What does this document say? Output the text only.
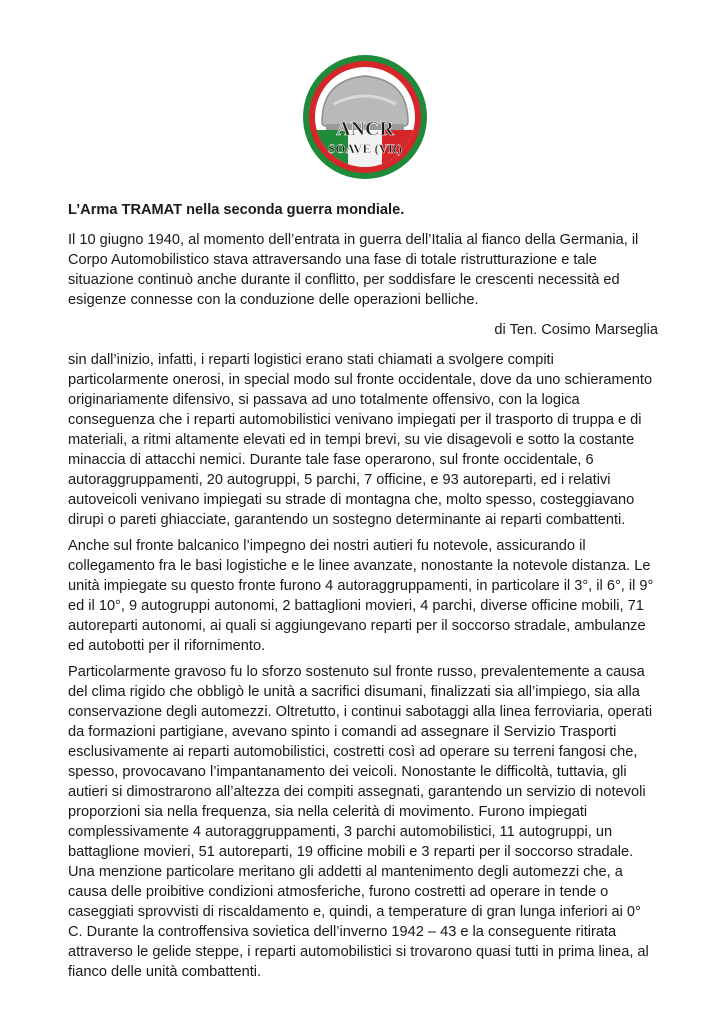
ANCR
SOAVE (VR)
L’Arma TRAMAT nella seconda guerra mondiale.

Il 10 giugno 1940, al momento dell’entrata in guerra dell’Italia al fianco della Germania, il Corpo Automobilistico stava attraversando una fase di totale ristrutturazione e tale situazione continuò anche durante il conflitto, per soddisfare le crescenti necessità ed esigenze connesse con la conduzione delle operazioni belliche.

di Ten. Cosimo Marseglia

sin dall’inizio, infatti, i reparti logistici erano stati chiamati a svolgere compiti particolarmente onerosi, in special modo sul fronte occidentale, dove da uno schieramento originariamente difensivo, si passava ad uno totalmente offensivo, con la logica conseguenza che i reparti automobilistici venivano impiegati per il trasporto di truppa e di materiali, a ritmi altamente elevati ed in tempi brevi, su vie disagevoli e sotto la costante minaccia di attacchi nemici. Durante tale fase operarono, sul fronte occidentale, 6 autoraggruppamenti, 20 autogruppi, 5 parchi, 7 officine, e 93 autoreparti, ed i relativi autoveicoli venivano impiegati su strade di montagna che, molto spesso, costeggiavano dirupi o pareti ghiacciate, garantendo un sostegno determinante ai reparti combattenti.

Anche sul fronte balcanico l’impegno dei nostri autieri fu notevole, assicurando il collegamento fra le basi logistiche e le linee avanzate, nonostante la notevole distanza. Le unità impiegate su questo fronte furono 4 autoraggruppamenti, in particolare il 3°, il 6°, il 9° ed il 10°, 9 autogruppi autonomi, 2 battaglioni movieri, 4 parchi, diverse officine mobili, 71 autoreparti autonomi, ai quali si aggiungevano reparti per il soccorso stradale, ambulanze ed autobotti per il rifornimento.

Particolarmente gravoso fu lo sforzo sostenuto sul fronte russo, prevalentemente a causa del clima rigido che obbligò le unità a sacrifici disumani, finalizzati sia all’impiego, sia alla conservazione degli automezzi. Oltretutto, i continui sabotaggi alla linea ferroviaria, operati da formazioni partigiane, avevano spinto i comandi ad assegnare il Servizio Trasporti esclusivamente ai reparti automobilistici, costretti così ad operare su terreni fangosi che, spesso, provocavano l’impantanamento dei veicoli. Nonostante le difficoltà, tuttavia, gli autieri si dimostrarono all’altezza dei compiti assegnati, garantendo un servizio di notevoli proporzioni sia nella frequenza, sia nella celerità di movimento. Furono impiegati complessivamente 4 autoraggruppamenti, 3 parchi automobilistici, 11 autogruppi, un battaglione movieri, 51 autoreparti, 19 officine mobili e 3 reparti per il soccorso stradale. Una menzione particolare meritano gli addetti al mantenimento degli automezzi che, a causa delle proibitive condizioni atmosferiche, furono costretti ad operare in tende o caseggiati sprovvisti di riscaldamento e, quindi, a temperature di gran lunga inferiori ai 0° C. Durante la controffensiva sovietica dell’inverno 1942 – 43 e la conseguente ritirata attraverso le gelide steppe, i reparti automobilistici si trovarono quasi tutti in prima linea, al fianco delle unità combattenti.
